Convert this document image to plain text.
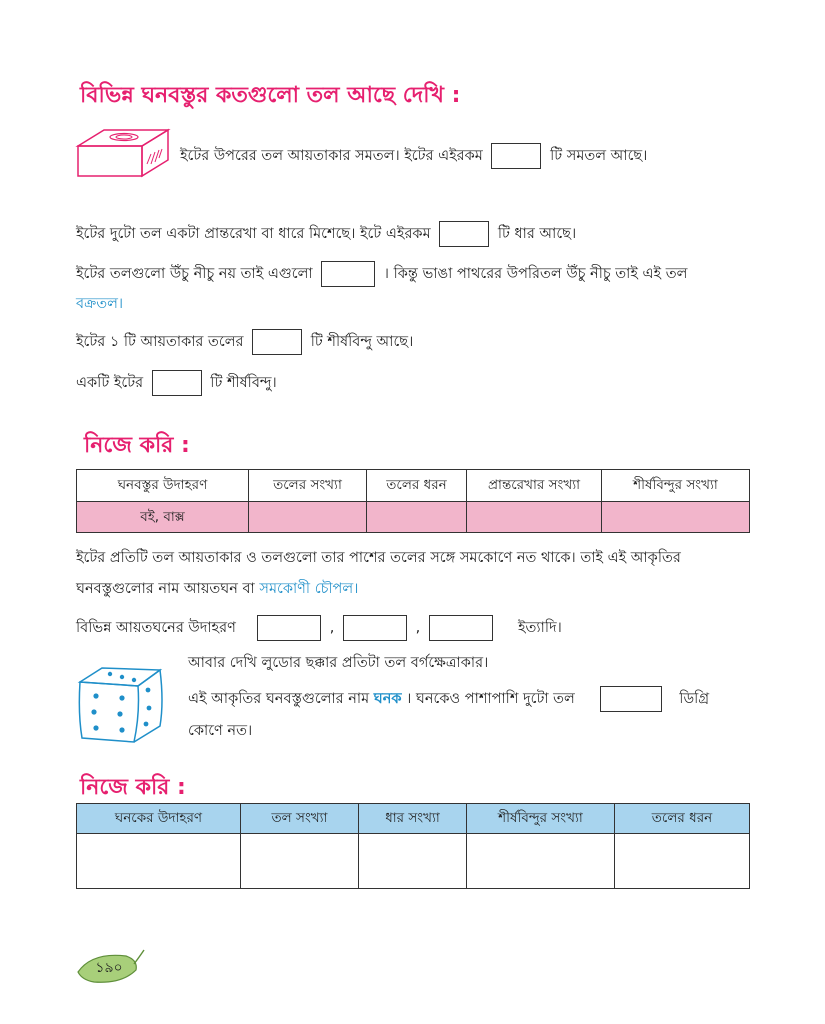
বিভিন্ন ঘনবস্তুর কতগুলো তল আছে দেখি :
ইটের উপরের তল আয়তাকার সমতল। ইটের এইরকম	টি সমতল আছে।
ইটের দুটো তল একটা প্রান্তরেখা বা ধারে মিশেছে। ইটে এইরকম	টি ধার আছে।
ইটের তলগুলো উঁচু নীচু নয় তাই এগুলো	। কিন্তু ভাঙা পাথরের উপরিতল উঁচু নীচু তাই এই তল
বক্রতল।
ইটের ১ টি আয়তাকার তলের	টি শীর্ষবিন্দু আছে।
একটি ইটের	টি শীর্ষবিন্দু।
নিজে করি :
ঘনবস্তুর উদাহরণ	তলের সংখ্যা	তলের ধরন	প্রান্তরেখার সংখ্যা	শীর্ষবিন্দুর সংখ্যা
বই, বাক্স				
ইটের প্রতিটি তল আয়তাকার ও তলগুলো তার পাশের তলের সঙ্গে সমকোণে নত থাকে। তাই এই আকৃতির
ঘনবস্তুগুলোর নাম আয়তঘন বা সমকোণী চৌপল।
বিভিন্ন আয়তঘনের উদাহরণ	,	,	ইত্যাদি।
আবার দেখি লুডোর ছক্কার প্রতিটা তল বর্গক্ষেত্রাকার।
এই আকৃতির ঘনবস্তুগুলোর নাম ঘনক । ঘনকেও পাশাপাশি দুটো তল	ডিগ্রি
কোণে নত।
নিজে করি :
ঘনকের উদাহরণ	তল সংখ্যা	ধার সংখ্যা	শীর্ষবিন্দুর সংখ্যা	তলের ধরন

১৯০
